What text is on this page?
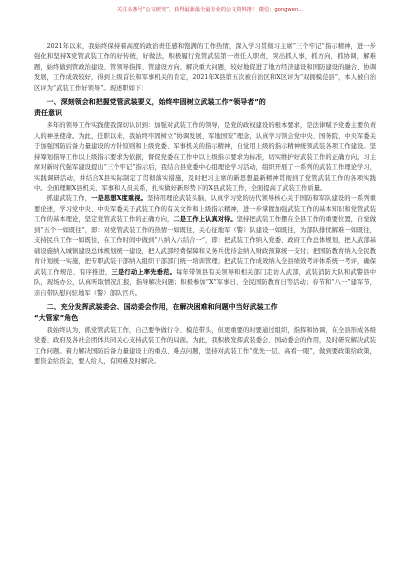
关注头条号“公文研究”，获得最新最全最专业的公文资料推！ 微信：gongwen...

2021年以来，我始终保持着高度的政治责任感和饱满的工作热情，深入学习贯彻习主席“三个牢记”指示精神，进一步强化和坚持X党管武装工作的好传统，好做法，积极履行党管武装第一责任人职责，突出抓人事，抓方向，抓协调，解难题，始终做到管政治建设、管领导指挥、管建设方向、解决重大问题，较好地促进了地方经济建设和国防建设的融合、协调发展，工作成效较好，得到上级首长和军事机关的肯定，2021年X县第五次被自治区和X区评为“双拥模范县”，本人被自治区评为“武装工作好领导”。现述职如下：

一、深刻领会和把握党管武装要义，始终牢固树立武装工作“领导者”的
责任意识

多年的领导工作实践使我深切认识到：加强对武装工作的领导，是党的政权建设的根本要求，是法律赋予党委主要负责人的神圣使命。为此，任职以来，我始终牢固树立“协调发展、军地国安”理念，认真学习领会党中央、国务院、中央军委关于加强国防后备力量建设的方针原则和上级党委、军事机关的指示精神，自觉用上级的指示精神统领武装各项工作建设。坚持筹划指导工作以上级指示要求为依据，督促党委在工作中以上级指示要求为标准，切实维护好武装工作的正确方向。习主席对新时代强军建设提出“三个牢记”指示后，我结合县党委中心组理论学习活动，组织开展了一系列的武装工作理论学习，实践调研活动，并结合X县实际制定了贯彻落实措施，及时把习主席的新思想最新精神贯彻到了党管武装工作的各项实践中。全面理顺X县机关、军事和人员关系，扎实做好新形势下的X县武装工作，全面提高了武装工作质量。

抓建武装工作，一是思想X度重视。坚持用理论武装头脑，认真学习党的历代领导核心关于国防和军队建设的一系列重要论述，学习党中央、中央军委关于武装工作的有关文件和上级指示精神，进一步掌握加强武装工作的基本知识和党管武装工作的基本理论，坚定党管武装工作的正确方向，二是工作上认真对待。坚持把武装工作摆在全县工作的重要位置，自觉做到“五个一如既往”，即：对党管武装工作的热情一如既往，关心征地军（警）队建设一如既往，为部队排忧解难一如既往，支持民兵工作一如既往，在工作时间中做到“八纳入六结合一”，即：把武装工作纳入党委、政府工作总体规划，把人武部基础设施纳入城镇建设总体规划统一建设，把人武部经费保障和义务兵优待金纳入财政预算统一支付；把国防教育纳入全民教育计划统一实施，把专职武装干部纳入组织干部部门统一培训管理；把武装工作成效纳入全县绩效考评体系统一考评，确保武装工作规范、有序推进，三是行动上率先垂范。每年带领县有关领导和相关部门走访人武部，武装消防大队和武警县中队，现场办公，认真听取情况汇报，指导解决问题；积极参加“X”军事日、全民国防教育日等活动；春节和“八一”建军节，亲自带队慰问驻地军（警）部队官兵。

二、充分发挥武装委会、国动委会作用，在解决困难和问题中当好武装工作
“大管家”角色

我始终认为，抓党管武装工作，自己要争做行令、模范带头，但更重要的时要通过组织，指挥和协调，在全县形成各级党委、政府及各社会团体共同关心支持武装工作的局面。为此，我积极发挥武装委会、国动委会的作用，及时研究解决武装工作问题。着力解决国防后备力量建设上的重点、难点问题，坚持对武装工作“优先一层、高看一眼”，做到要政策给政策，要资金给资金，要人给人，有困难及时解决。
